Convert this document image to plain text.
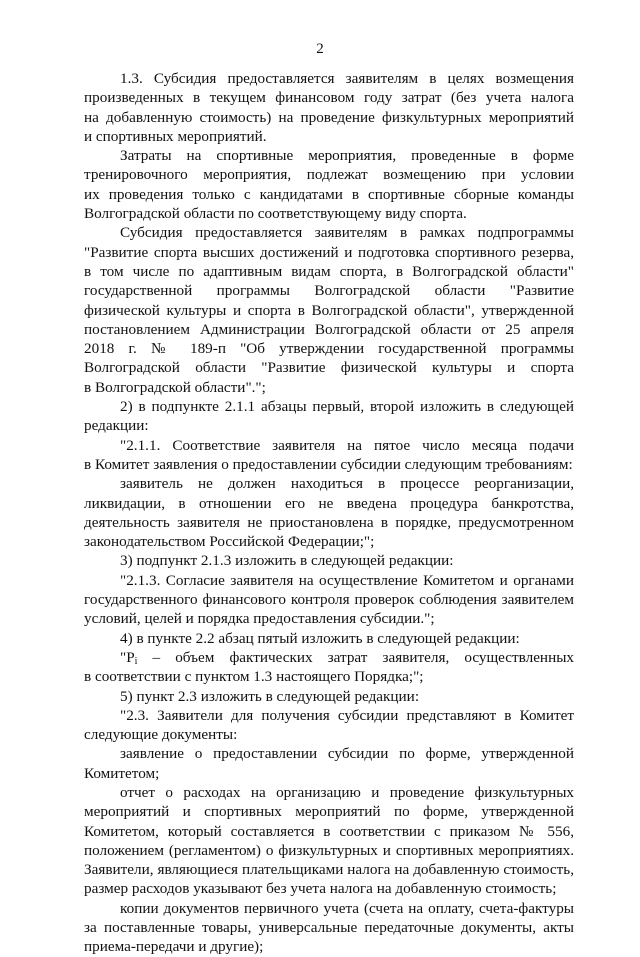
2
1.3. Субсидия предоставляется заявителям в целях возмещения
произведенных в текущем финансовом году затрат (без учета налога
на добавленную стоимость) на проведение физкультурных мероприятий
и спортивных мероприятий.
Затраты на спортивные мероприятия, проведенные в форме
тренировочного мероприятия, подлежат возмещению при условии
их проведения только с кандидатами в спортивные сборные команды
Волгоградской области по соответствующему виду спорта.
Субсидия предоставляется заявителям в рамках подпрограммы
"Развитие спорта высших достижений и подготовка спортивного резерва,
в том числе по адаптивным видам спорта, в Волгоградской области"
государственной программы Волгоградской области "Развитие
физической культуры и спорта в Волгоградской области", утвержденной
постановлением Администрации Волгоградской области от 25 апреля
2018 г. № 189-п "Об утверждении государственной программы
Волгоградской области "Развитие физической культуры и спорта
в Волгоградской области".";
2) в подпункте 2.1.1 абзацы первый, второй изложить в следующей
редакции:
"2.1.1. Соответствие заявителя на пятое число месяца подачи
в Комитет заявления о предоставлении субсидии следующим требованиям:
заявитель не должен находиться в процессе реорганизации,
ликвидации, в отношении его не введена процедура банкротства,
деятельность заявителя не приостановлена в порядке, предусмотренном
законодательством Российской Федерации;";
3) подпункт 2.1.3 изложить в следующей редакции:
"2.1.3. Согласие заявителя на осуществление Комитетом и органами
государственного финансового контроля проверок соблюдения заявителем
условий, целей и порядка предоставления субсидии.";
4) в пункте 2.2 абзац пятый изложить в следующей редакции:
"$P_i$ – объем фактических затрат заявителя, осуществленных
в соответствии с пунктом 1.3 настоящего Порядка;";
5) пункт 2.3 изложить в следующей редакции:
"2.3. Заявители для получения субсидии представляют в Комитет
следующие документы:
заявление о предоставлении субсидии по форме, утвержденной
Комитетом;
отчет о расходах на организацию и проведение физкультурных
мероприятий и спортивных мероприятий по форме, утвержденной
Комитетом, который составляется в соответствии с приказом № 556,
положением (регламентом) о физкультурных и спортивных мероприятиях.
Заявители, являющиеся плательщиками налога на добавленную стоимость,
размер расходов указывают без учета налога на добавленную стоимость;
копии документов первичного учета (счета на оплату, счета-фактуры
за поставленные товары, универсальные передаточные документы, акты
приема-передачи и другие);
